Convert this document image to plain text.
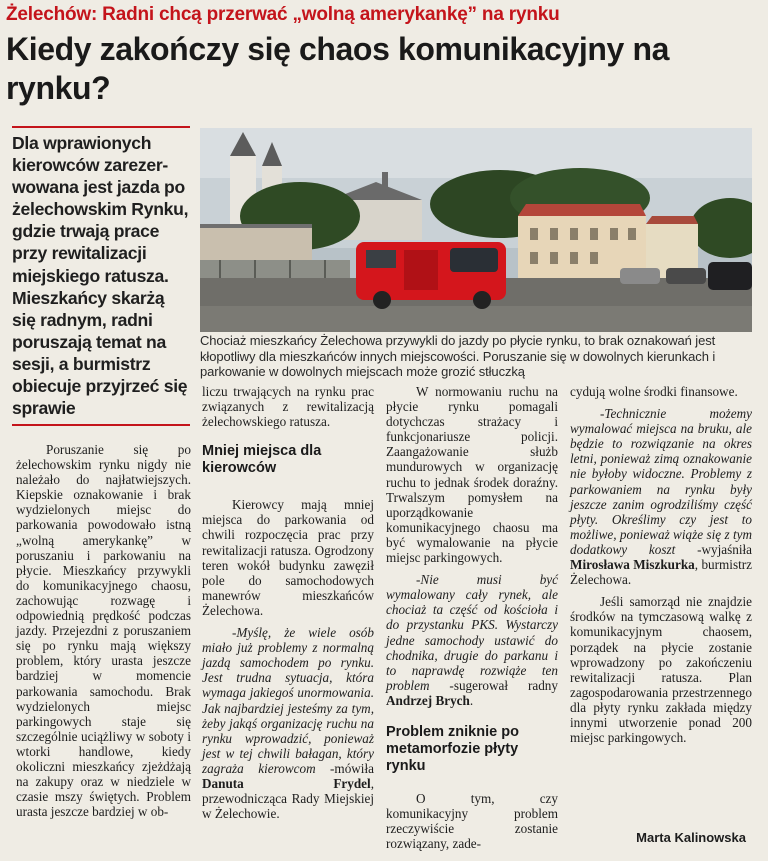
Żelechów: Radni chcą przerwać „wolną amerykankę” na rynku
Kiedy zakończy się chaos komunikacyjny na rynku?
Dla wprawionych kierowców zarezer-wowana jest jazda po żelechowskim Rynku, gdzie trwają prace przy rewitalizacji miejskiego ratusza. Mieszkańcy skarżą się radnym, radni poruszają temat na sesji, a burmistrz obiecuje przyjrzeć się sprawie
Chociaż mieszkańcy Żelechowa przywykli do jazdy po płycie rynku, to brak oznakowań jest kłopotliwy dla mieszkańców innych miejscowości. Poruszanie się w dowolnych kierunkach i parkowanie w dowolnych miejscach może grozić stłuczką

Poruszanie się po żelechowskim rynku nigdy nie należało do najłatwiejszych. Kiepskie oznakowanie i brak wydzielonych miejsc do parkowania powodowało istną „wolną amerykankę” w poruszaniu i parkowaniu na płycie. Mieszkańcy przywykli do komunikacyjnego chaosu, zachowując rozwagę i odpowiednią prędkość podczas jazdy. Przejezdni z poruszaniem się po rynku mają większy problem, który urasta jeszcze bardziej w momencie parkowania samochodu. Brak wydzielonych miejsc parkingowych staje się szczególnie uciążliwy w soboty i wtorki handlowe, kiedy okoliczni mieszkańcy zjeżdżają na zakupy oraz w niedziele w czasie mszy świętych. Problem urasta jeszcze bardziej w ob-

liczu trwających na rynku prac związanych z rewitalizacją żelechowskiego ratusza.

Mniej miejsca dla kierowców

Kierowcy mają mniej miejsca do parkowania od chwili rozpoczęcia prac przy rewitalizacji ratusza. Ogrodzony teren wokół budynku zawęził pole do samochodowych manewrów mieszkańców Żelechowa.

-Myślę, że wiele osób miało już problemy z normalną jazdą samochodem po rynku. Jest trudna sytuacja, która wymaga jakiegoś unormowania. Jak najbardziej jesteśmy za tym, żeby jakąś organizację ruchu na rynku wprowadzić, ponieważ jest w tej chwili bałagan, który zagraża kierowcom -mówiła Danuta Frydel, przewodnicząca Rady Miejskiej w Żelechowie.

W normowaniu ruchu na płycie rynku pomagali dotychczas strażacy i funkcjonariusze policji. Zaangażowanie służb mundurowych w organizację ruchu to jednak środek doraźny. Trwalszym pomysłem na uporządkowanie komunikacyjnego chaosu ma być wymalowanie na płycie miejsc parkingowych.

-Nie musi być wymalowany cały rynek, ale chociaż ta część od kościoła i do przystanku PKS. Wystarczy jedne samochody ustawić do chodnika, drugie do parkanu i to naprawdę rozwiąże ten problem -sugerował radny Andrzej Brych.

Problem zniknie po metamorfozie płyty rynku

O tym, czy komunikacyjny problem rzeczywiście zostanie rozwiązany, zade-

cydują wolne środki finansowe.

-Technicznie możemy wymalować miejsca na bruku, ale będzie to rozwiązanie na okres letni, ponieważ zimą oznakowanie nie byłoby widoczne. Problemy z parkowaniem na rynku były jeszcze zanim ogrodziliśmy część płyty. Określimy czy jest to możliwe, ponieważ wiąże się z tym dodatkowy koszt -wyjaśniła Mirosława Miszkurka, burmistrz Żelechowa.

Jeśli samorząd nie znajdzie środków na tymczasową walkę z komunikacyjnym chaosem, porządek na płycie zostanie wprowadzony po zakończeniu rewitalizacji ratusza. Plan zagospodarowania przestrzennego dla płyty rynku zakłada między innymi utworzenie ponad 200 miejsc parkingowych.

Marta Kalinowska
